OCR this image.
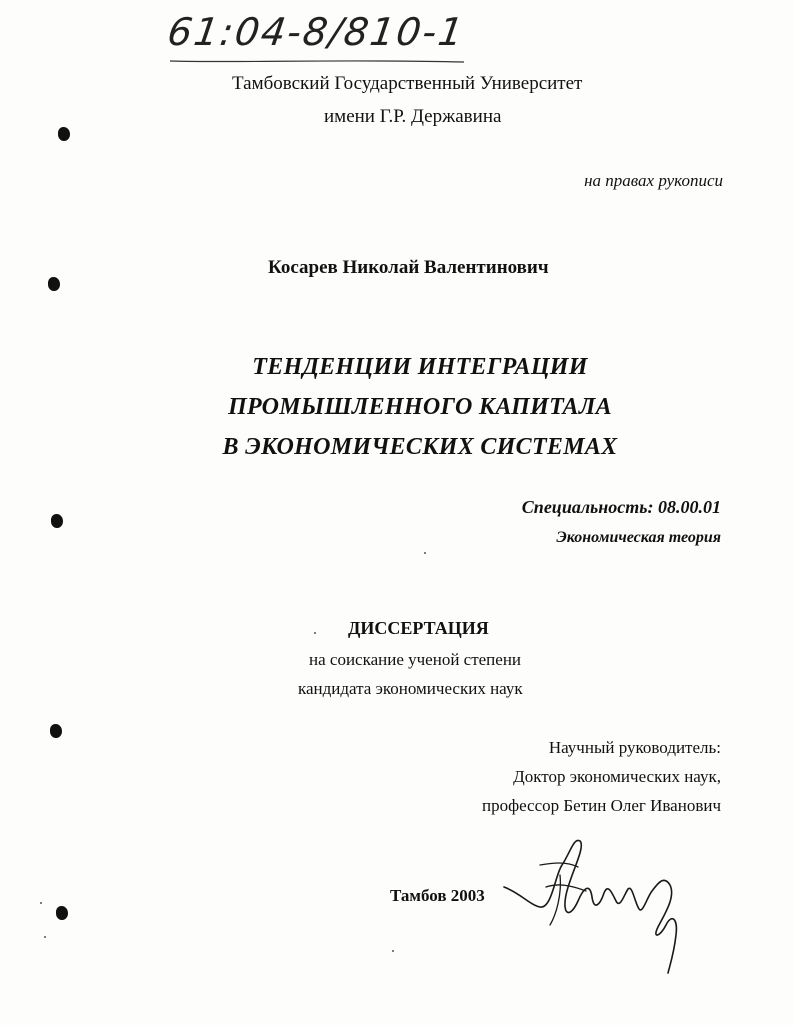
61:04-8/810-1
Тамбовский Государственный Университет
имени Г.Р. Державина
на правах рукописи
Косарев Николай Валентинович
ТЕНДЕНЦИИ ИНТЕГРАЦИИ
ПРОМЫШЛЕННОГО КАПИТАЛА
В ЭКОНОМИЧЕСКИХ СИСТЕМАХ
Специальность: 08.00.01
Экономическая теория
ДИССЕРТАЦИЯ
на соискание ученой степени
кандидата экономических наук
Научный руководитель:
Доктор экономических наук,
профессор Бетин Олег Иванович
Тамбов 2003
